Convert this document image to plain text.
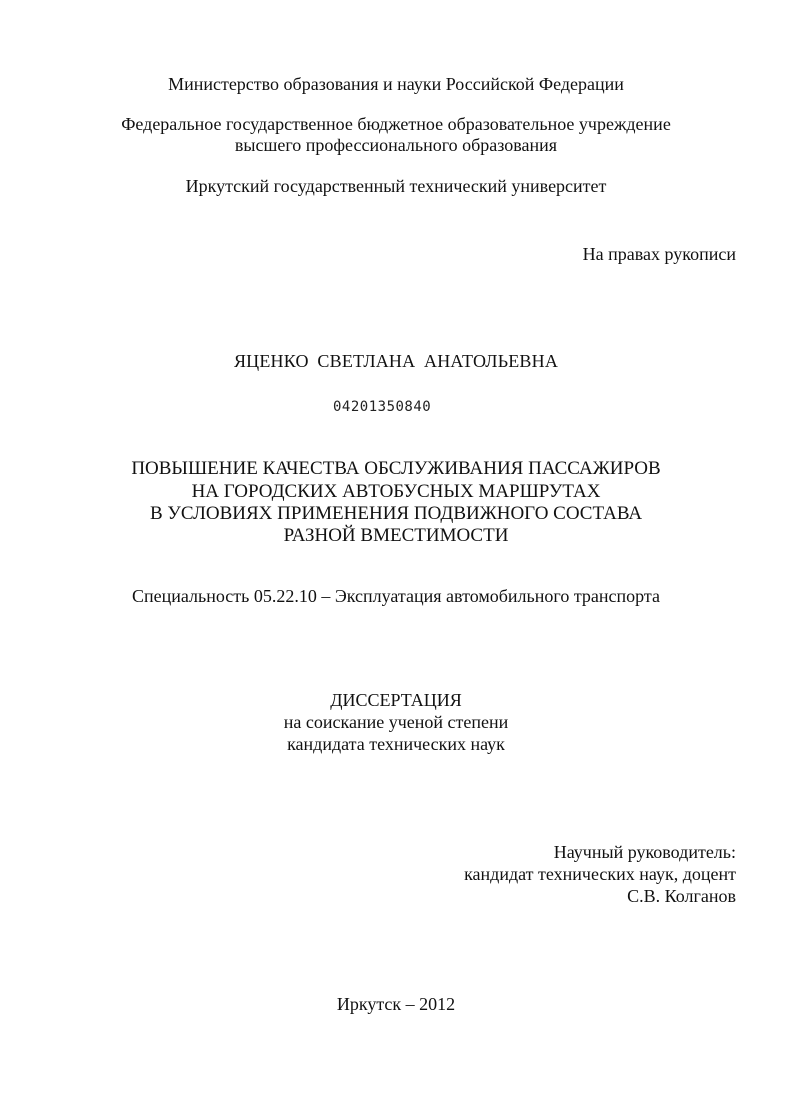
Министерство образования и науки Российской Федерации
Федеральное государственное бюджетное образовательное учреждение
высшего профессионального образования
Иркутский государственный технический университет
На правах рукописи
ЯЦЕНКО СВЕТЛАНА АНАТОЛЬЕВНА
04201350840
ПОВЫШЕНИЕ КАЧЕСТВА ОБСЛУЖИВАНИЯ ПАССАЖИРОВ
НА ГОРОДСКИХ АВТОБУСНЫХ МАРШРУТАХ
В УСЛОВИЯХ ПРИМЕНЕНИЯ ПОДВИЖНОГО СОСТАВА
РАЗНОЙ ВМЕСТИМОСТИ
Специальность 05.22.10 – Эксплуатация автомобильного транспорта
ДИССЕРТАЦИЯ
на соискание ученой степени
кандидата технических наук
Научный руководитель:
кандидат технических наук, доцент
С.В. Колганов
Иркутск – 2012
